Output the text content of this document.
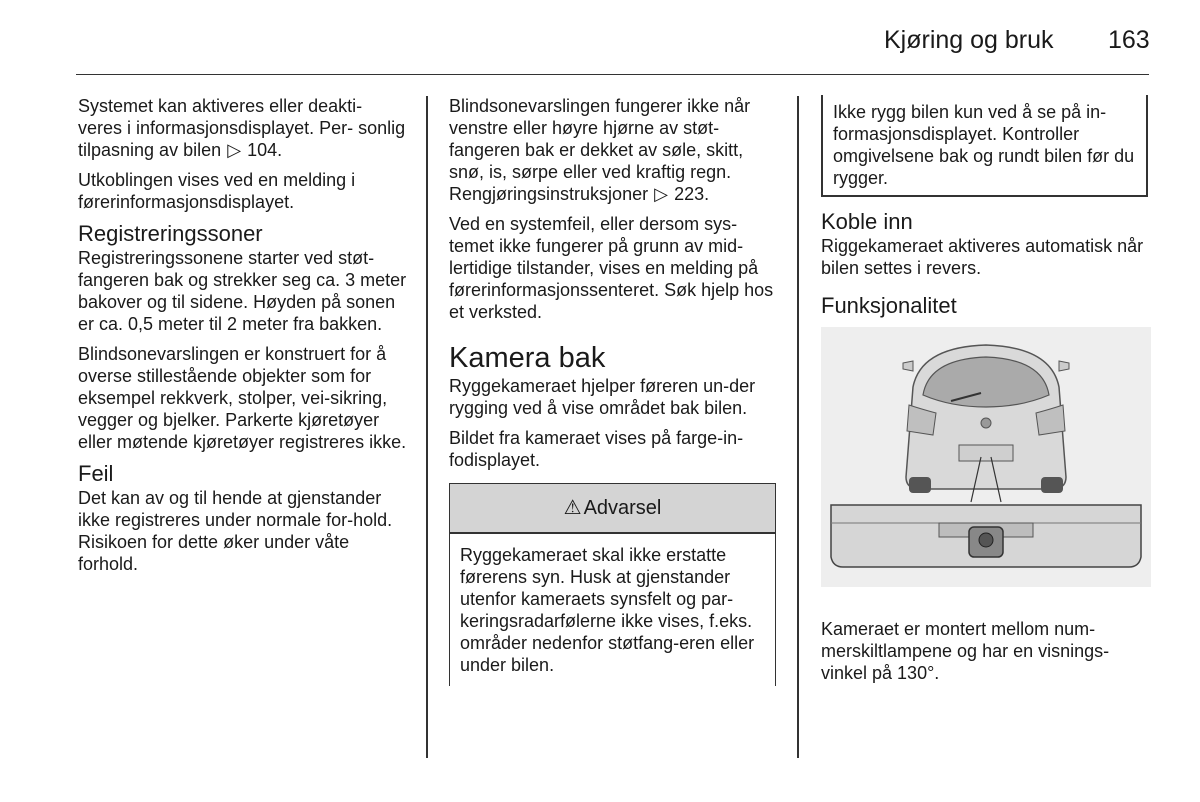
Kjøring og bruk 163

Systemet kan aktiveres eller deakti- veres i informasjonsdisplayet. Per- sonlig tilpasning av bilen ▷ 104.

Utkoblingen vises ved en melding i førerinformasjonsdisplayet.

Registreringssoner

Registreringssonene starter ved støt-fangeren bak og strekker seg ca. 3 meter bakover og til sidene. Høyden på sonen er ca. 0,5 meter til 2 meter fra bakken.

Blindsonevarslingen er konstruert for å overse stillestående objekter som for eksempel rekkverk, stolper, vei-sikring, vegger og bjelker. Parkerte kjøretøyer eller møtende kjøretøyer registreres ikke.

Feil

Det kan av og til hende at gjenstander ikke registreres under normale for-hold. Risikoen for dette øker under våte forhold.

Blindsonevarslingen fungerer ikke når venstre eller høyre hjørne av støt-fangeren bak er dekket av søle, skitt, snø, is, sørpe eller ved kraftig regn. Rengjøringsinstruksjoner ▷ 223.

Ved en systemfeil, eller dersom sys-temet ikke fungerer på grunn av mid-lertidige tilstander, vises en melding på førerinformasjonssenteret. Søk hjelp hos et verksted.

Kamera bak

Ryggekameraet hjelper føreren un-der rygging ved å vise området bak bilen.

Bildet fra kameraet vises på farge-in-fodisplayet.

⚠ Advarsel
Ryggekameraet skal ikke erstatte førerens syn. Husk at gjenstander utenfor kameraets synsfelt og par-keringsradarfølerne ikke vises, f.eks. områder nedenfor støtfang-eren eller under bilen.
Ikke rygg bilen kun ved å se på in-formasjonsdisplayet. Kontroller omgivelsene bak og rundt bilen før du rygger.
Koble inn

Riggekameraet aktiveres automatisk når bilen settes i revers.

Funksjonalitet

Kameraet er montert mellom num-merskiltlampene og har en visnings-vinkel på 130°.
